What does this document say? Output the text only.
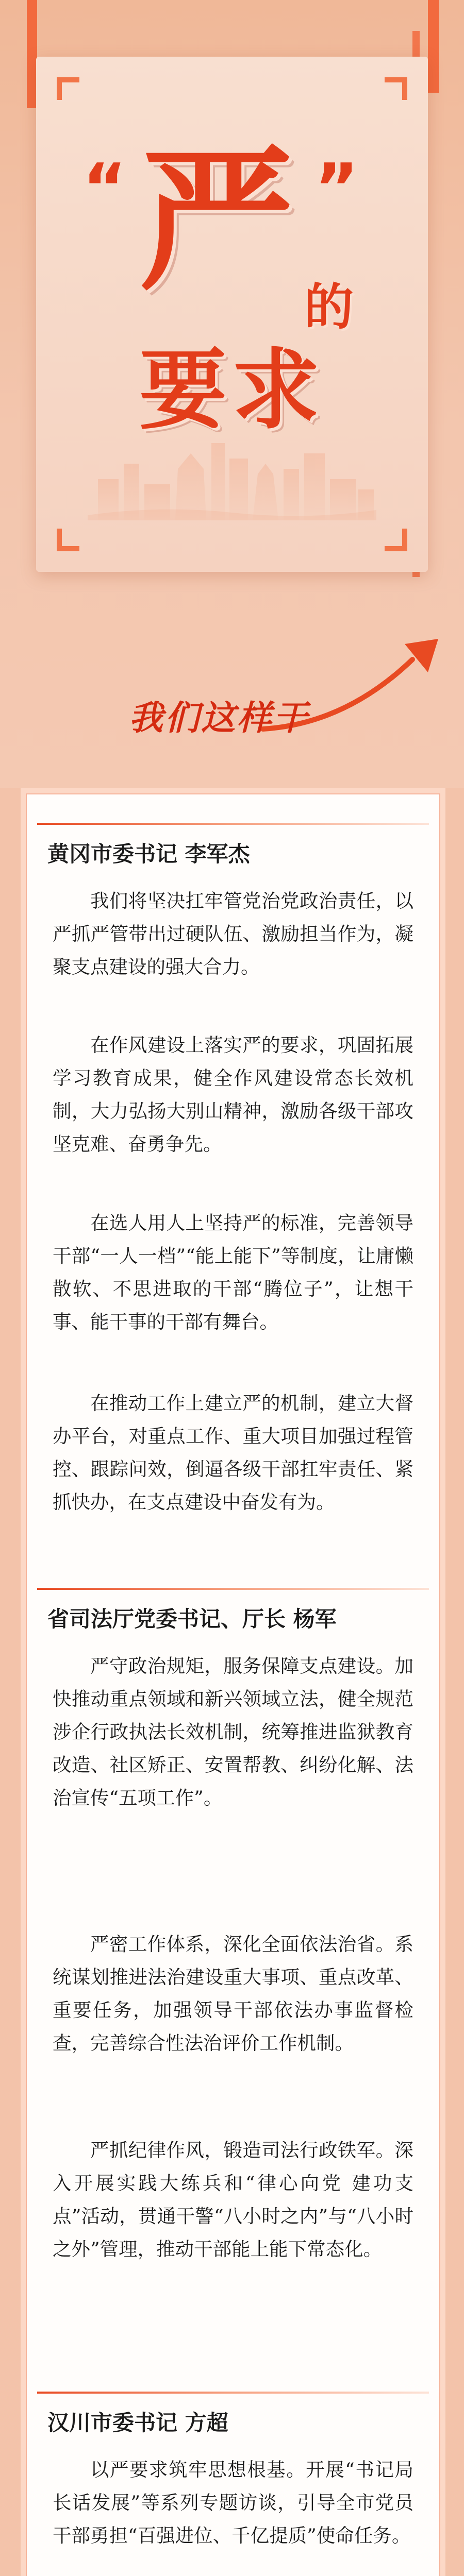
“ 严 ”
的
要求
我们这样干
黄冈市委书记 李军杰
我们将坚决扛牢管党治党政治责任，以严抓严管带出过硬队伍、激励担当作为，凝聚支点建设的强大合力。
在作风建设上落实严的要求，巩固拓展学习教育成果，健全作风建设常态长效机制，大力弘扬大别山精神，激励各级干部攻坚克难、奋勇争先。
在选人用人上坚持严的标准，完善领导干部“一人一档”“能上能下”等制度，让庸懒散软、不思进取的干部“腾位子”，让想干事、能干事的干部有舞台。
在推动工作上建立严的机制，建立大督办平台，对重点工作、重大项目加强过程管控、跟踪问效，倒逼各级干部扛牢责任、紧抓快办，在支点建设中奋发有为。
省司法厅党委书记、厅长 杨军
严守政治规矩，服务保障支点建设。加快推动重点领域和新兴领域立法，健全规范涉企行政执法长效机制，统筹推进监狱教育改造、社区矫正、安置帮教、纠纷化解、法治宣传“五项工作”。
严密工作体系，深化全面依法治省。系统谋划推进法治建设重大事项、重点改革、重要任务，加强领导干部依法办事监督检查，完善综合性法治评价工作机制。
严抓纪律作风，锻造司法行政铁军。深入开展实践大练兵和“律心向党 建功支点”活动，贯通干警“八小时之内”与“八小时之外”管理，推动干部能上能下常态化。
汉川市委书记 方超
以严要求筑牢思想根基。开展“书记局长话发展”等系列专题访谈，引导全市党员干部勇担“百强进位、千亿提质”使命任务。
